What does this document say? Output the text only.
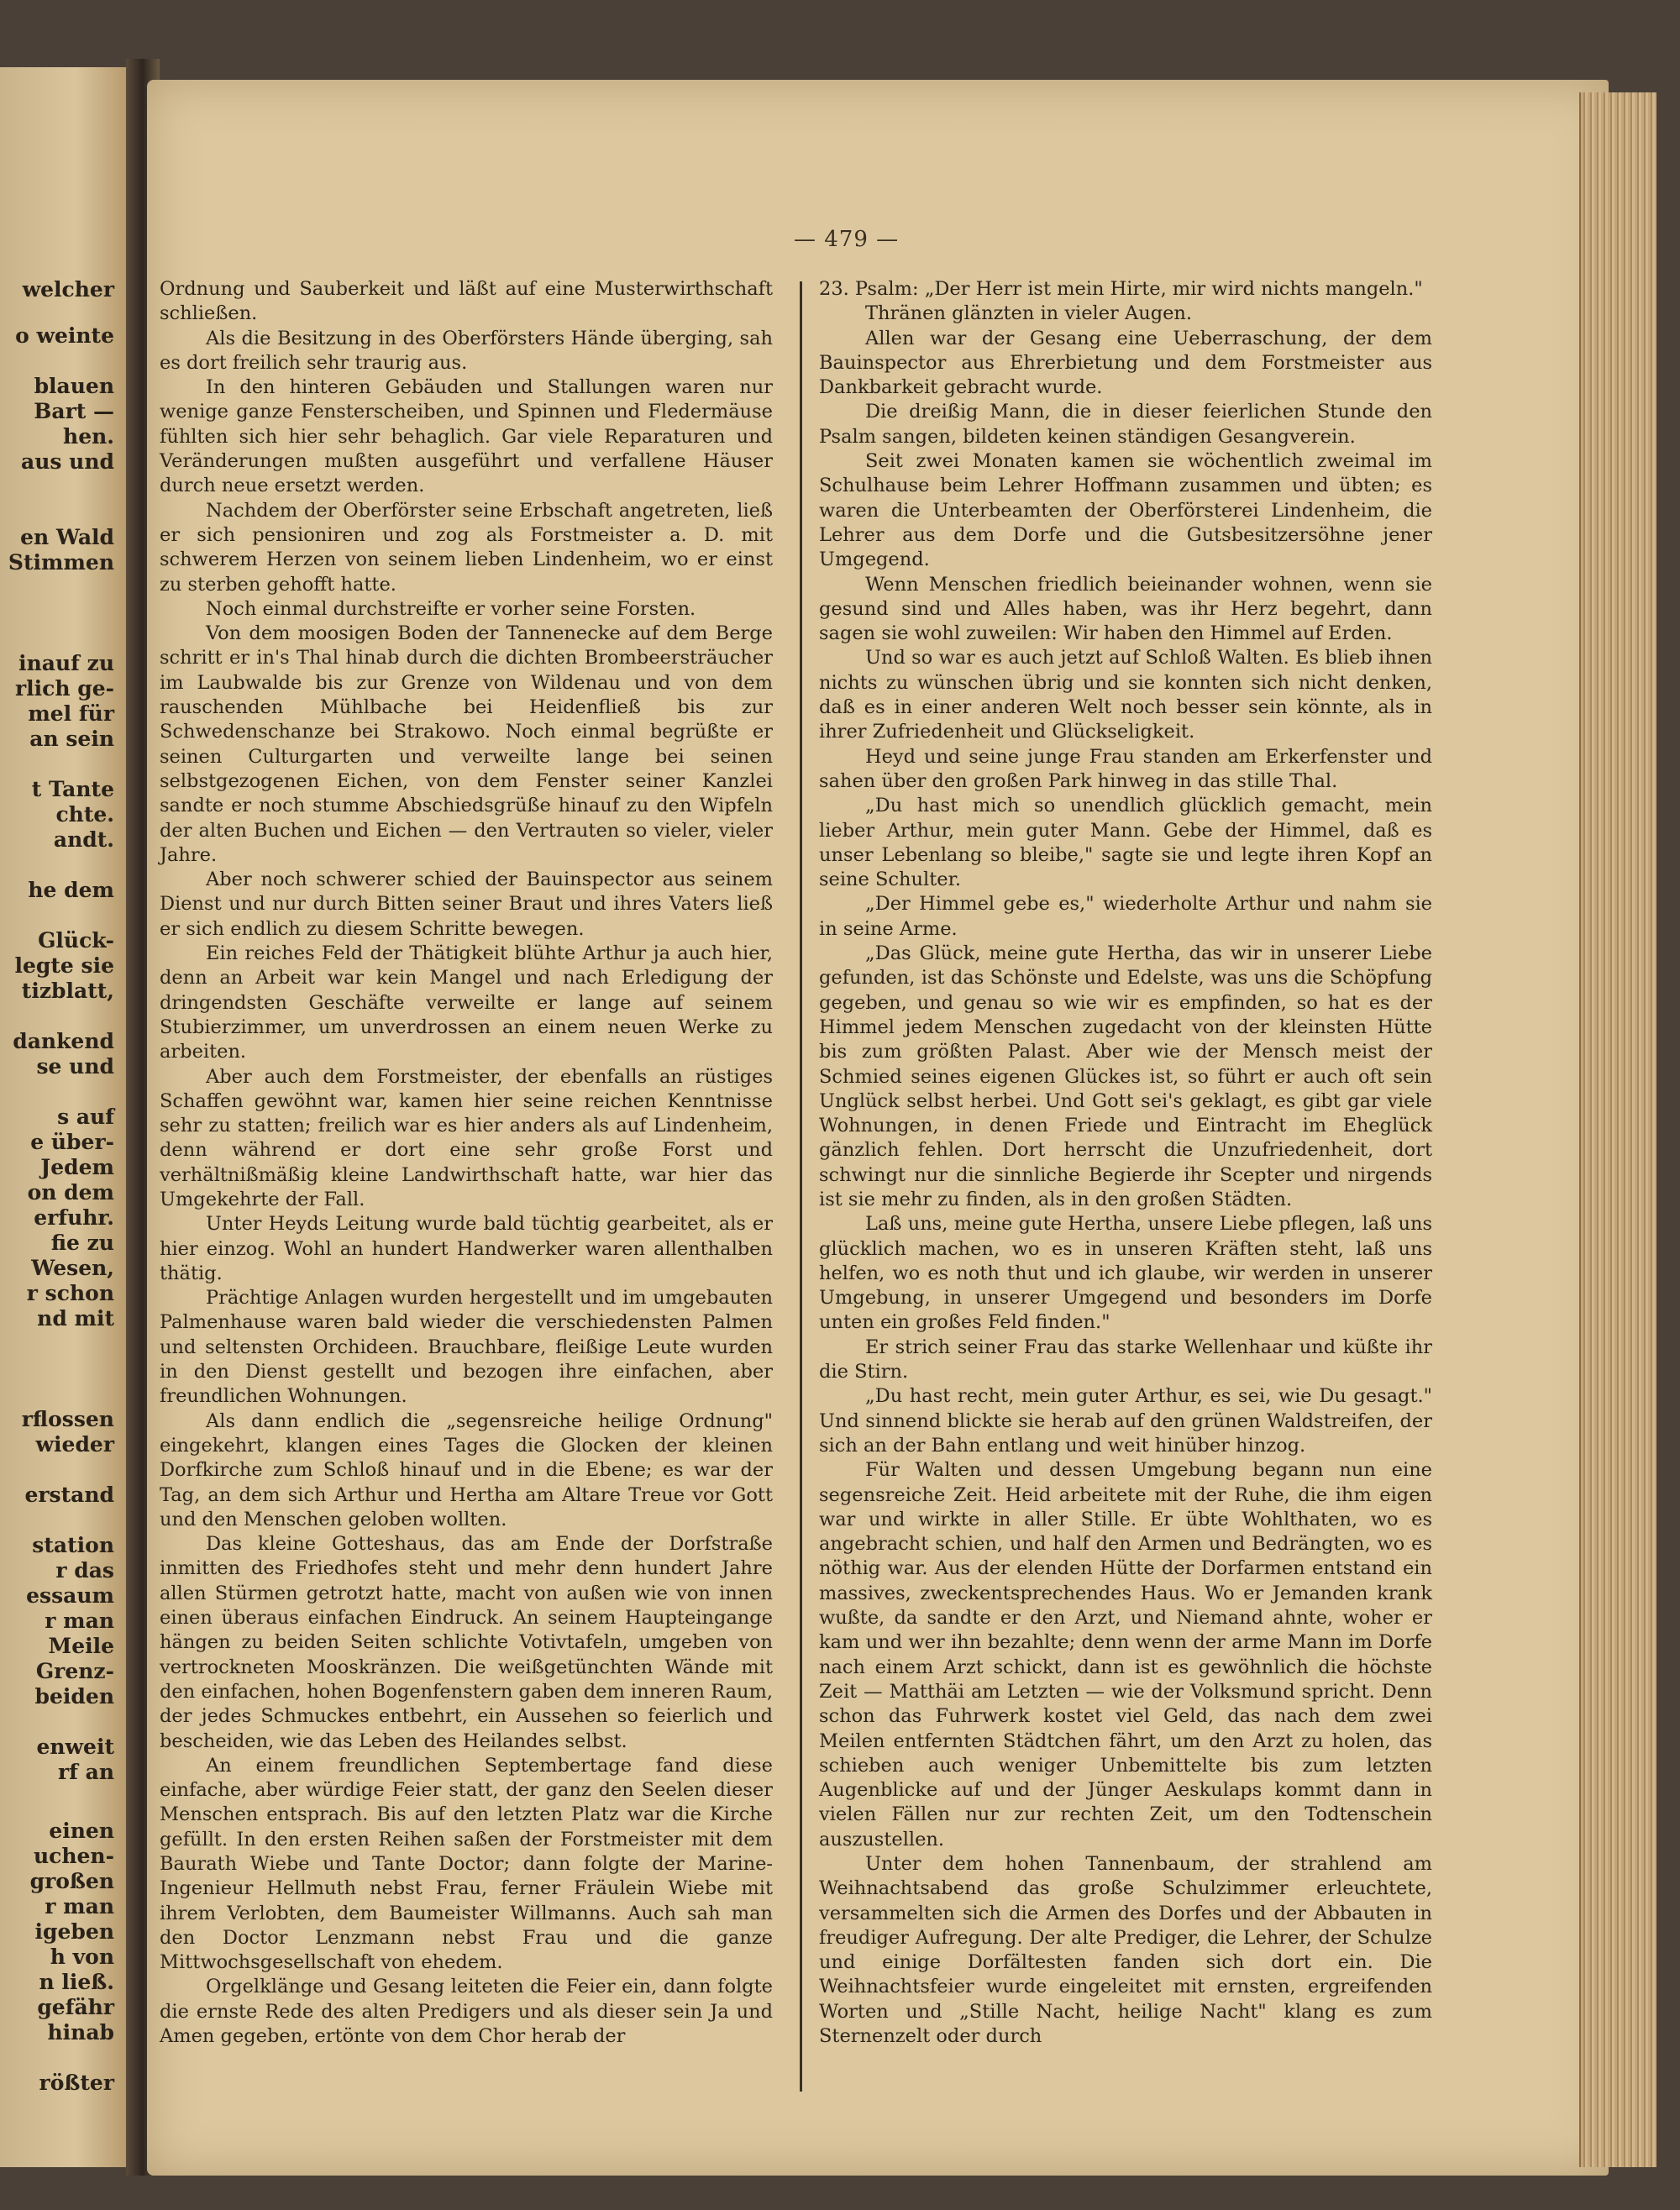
welcher
o weinte
blauen
Bart —
hen.
aus und
en Wald
Stimmen
inauf zu
rlich ge-
mel für
an sein
t Tante
chte.
andt.
he dem
Glück-
legte sie
tizblatt,
dankend
se und
s auf
e über-
Jedem
on dem
erfuhr.
fie zu
Wesen,
r schon
nd mit
rflossen
wieder
erstand
station
r das
essaum
r man
Meile
Grenz-
beiden
enweit
rf an
einen
uchen-
großen
r man
igeben
h von
n ließ.
gefähr
hinab
rößter
— 479 —

Ordnung und Sauberkeit und läßt auf eine Musterwirthschaft schließen.

Als die Besitzung in des Oberförsters Hände überging, sah es dort freilich sehr traurig aus.

In den hinteren Gebäuden und Stallungen waren nur wenige ganze Fensterscheiben, und Spinnen und Fledermäuse fühlten sich hier sehr behaglich. Gar viele Reparaturen und Veränderungen mußten ausgeführt und verfallene Häuser durch neue ersetzt werden.

Nachdem der Oberförster seine Erbschaft angetreten, ließ er sich pensioniren und zog als Forstmeister a. D. mit schwerem Herzen von seinem lieben Lindenheim, wo er einst zu sterben gehofft hatte.

Noch einmal durchstreifte er vorher seine Forsten.

Von dem moosigen Boden der Tannenecke auf dem Berge schritt er in's Thal hinab durch die dichten Brombeersträucher im Laubwalde bis zur Grenze von Wildenau und von dem rauschenden Mühlbache bei Heidenfließ bis zur Schwedenschanze bei Strakowo. Noch einmal begrüßte er seinen Culturgarten und verweilte lange bei seinen selbstgezogenen Eichen, von dem Fenster seiner Kanzlei sandte er noch stumme Abschiedsgrüße hinauf zu den Wipfeln der alten Buchen und Eichen — den Vertrauten so vieler, vieler Jahre.

Aber noch schwerer schied der Bauinspector aus seinem Dienst und nur durch Bitten seiner Braut und ihres Vaters ließ er sich endlich zu diesem Schritte bewegen.

Ein reiches Feld der Thätigkeit blühte Arthur ja auch hier, denn an Arbeit war kein Mangel und nach Erledigung der dringendsten Geschäfte verweilte er lange auf seinem Stubierzimmer, um unverdrossen an einem neuen Werke zu arbeiten.

Aber auch dem Forstmeister, der ebenfalls an rüstiges Schaffen gewöhnt war, kamen hier seine reichen Kenntnisse sehr zu statten; freilich war es hier anders als auf Lindenheim, denn während er dort eine sehr große Forst und verhältnißmäßig kleine Landwirthschaft hatte, war hier das Umgekehrte der Fall.

Unter Heyds Leitung wurde bald tüchtig gearbeitet, als er hier einzog. Wohl an hundert Handwerker waren allenthalben thätig.

Prächtige Anlagen wurden hergestellt und im umgebauten Palmenhause waren bald wieder die verschiedensten Palmen und seltensten Orchideen. Brauchbare, fleißige Leute wurden in den Dienst gestellt und bezogen ihre einfachen, aber freundlichen Wohnungen.

Als dann endlich die „segensreiche heilige Ordnung" eingekehrt, klangen eines Tages die Glocken der kleinen Dorfkirche zum Schloß hinauf und in die Ebene; es war der Tag, an dem sich Arthur und Hertha am Altare Treue vor Gott und den Menschen geloben wollten.

Das kleine Gotteshaus, das am Ende der Dorfstraße inmitten des Friedhofes steht und mehr denn hundert Jahre allen Stürmen getrotzt hatte, macht von außen wie von innen einen überaus einfachen Eindruck. An seinem Haupteingange hängen zu beiden Seiten schlichte Votivtafeln, umgeben von vertrockneten Mooskränzen. Die weißgetünchten Wände mit den einfachen, hohen Bogenfenstern gaben dem inneren Raum, der jedes Schmuckes entbehrt, ein Aussehen so feierlich und bescheiden, wie das Leben des Heilandes selbst.

An einem freundlichen Septembertage fand diese einfache, aber würdige Feier statt, der ganz den Seelen dieser Menschen entsprach. Bis auf den letzten Platz war die Kirche gefüllt. In den ersten Reihen saßen der Forstmeister mit dem Baurath Wiebe und Tante Doctor; dann folgte der Marine-Ingenieur Hellmuth nebst Frau, ferner Fräulein Wiebe mit ihrem Verlobten, dem Baumeister Willmanns. Auch sah man den Doctor Lenzmann nebst Frau und die ganze Mittwochsgesellschaft von ehedem.

Orgelklänge und Gesang leiteten die Feier ein, dann folgte die ernste Rede des alten Predigers und als dieser sein Ja und Amen gegeben, ertönte von dem Chor herab der

23. Psalm: „Der Herr ist mein Hirte, mir wird nichts mangeln."

Thränen glänzten in vieler Augen.

Allen war der Gesang eine Ueberraschung, der dem Bauinspector aus Ehrerbietung und dem Forstmeister aus Dankbarkeit gebracht wurde.

Die dreißig Mann, die in dieser feierlichen Stunde den Psalm sangen, bildeten keinen ständigen Gesangverein.

Seit zwei Monaten kamen sie wöchentlich zweimal im Schulhause beim Lehrer Hoffmann zusammen und übten; es waren die Unterbeamten der Oberförsterei Lindenheim, die Lehrer aus dem Dorfe und die Gutsbesitzersöhne jener Umgegend.

Wenn Menschen friedlich beieinander wohnen, wenn sie gesund sind und Alles haben, was ihr Herz begehrt, dann sagen sie wohl zuweilen: Wir haben den Himmel auf Erden.

Und so war es auch jetzt auf Schloß Walten. Es blieb ihnen nichts zu wünschen übrig und sie konnten sich nicht denken, daß es in einer anderen Welt noch besser sein könnte, als in ihrer Zufriedenheit und Glückseligkeit.

Heyd und seine junge Frau standen am Erkerfenster und sahen über den großen Park hinweg in das stille Thal.

„Du hast mich so unendlich glücklich gemacht, mein lieber Arthur, mein guter Mann. Gebe der Himmel, daß es unser Lebenlang so bleibe," sagte sie und legte ihren Kopf an seine Schulter.

„Der Himmel gebe es," wiederholte Arthur und nahm sie in seine Arme.

„Das Glück, meine gute Hertha, das wir in unserer Liebe gefunden, ist das Schönste und Edelste, was uns die Schöpfung gegeben, und genau so wie wir es empfinden, so hat es der Himmel jedem Menschen zugedacht von der kleinsten Hütte bis zum größten Palast. Aber wie der Mensch meist der Schmied seines eigenen Glückes ist, so führt er auch oft sein Unglück selbst herbei. Und Gott sei's geklagt, es gibt gar viele Wohnungen, in denen Friede und Eintracht im Eheglück gänzlich fehlen. Dort herrscht die Unzufriedenheit, dort schwingt nur die sinnliche Begierde ihr Scepter und nirgends ist sie mehr zu finden, als in den großen Städten.

Laß uns, meine gute Hertha, unsere Liebe pflegen, laß uns glücklich machen, wo es in unseren Kräften steht, laß uns helfen, wo es noth thut und ich glaube, wir werden in unserer Umgebung, in unserer Umgegend und besonders im Dorfe unten ein großes Feld finden."

Er strich seiner Frau das starke Wellenhaar und küßte ihr die Stirn.

„Du hast recht, mein guter Arthur, es sei, wie Du gesagt." Und sinnend blickte sie herab auf den grünen Waldstreifen, der sich an der Bahn entlang und weit hinüber hinzog.

Für Walten und dessen Umgebung begann nun eine segensreiche Zeit. Heid arbeitete mit der Ruhe, die ihm eigen war und wirkte in aller Stille. Er übte Wohlthaten, wo es angebracht schien, und half den Armen und Bedrängten, wo es nöthig war. Aus der elenden Hütte der Dorfarmen entstand ein massives, zweckentsprechendes Haus. Wo er Jemanden krank wußte, da sandte er den Arzt, und Niemand ahnte, woher er kam und wer ihn bezahlte; denn wenn der arme Mann im Dorfe nach einem Arzt schickt, dann ist es gewöhnlich die höchste Zeit — Matthäi am Letzten — wie der Volksmund spricht. Denn schon das Fuhrwerk kostet viel Geld, das nach dem zwei Meilen entfernten Städtchen fährt, um den Arzt zu holen, das schieben auch weniger Unbemittelte bis zum letzten Augenblicke auf und der Jünger Aeskulaps kommt dann in vielen Fällen nur zur rechten Zeit, um den Todtenschein auszustellen.

Unter dem hohen Tannenbaum, der strahlend am Weihnachtsabend das große Schulzimmer erleuchtete, versammelten sich die Armen des Dorfes und der Abbauten in freudiger Aufregung. Der alte Prediger, die Lehrer, der Schulze und einige Dorfältesten fanden sich dort ein. Die Weihnachtsfeier wurde eingeleitet mit ernsten, ergreifenden Worten und „Stille Nacht, heilige Nacht" klang es zum Sternenzelt oder durch
